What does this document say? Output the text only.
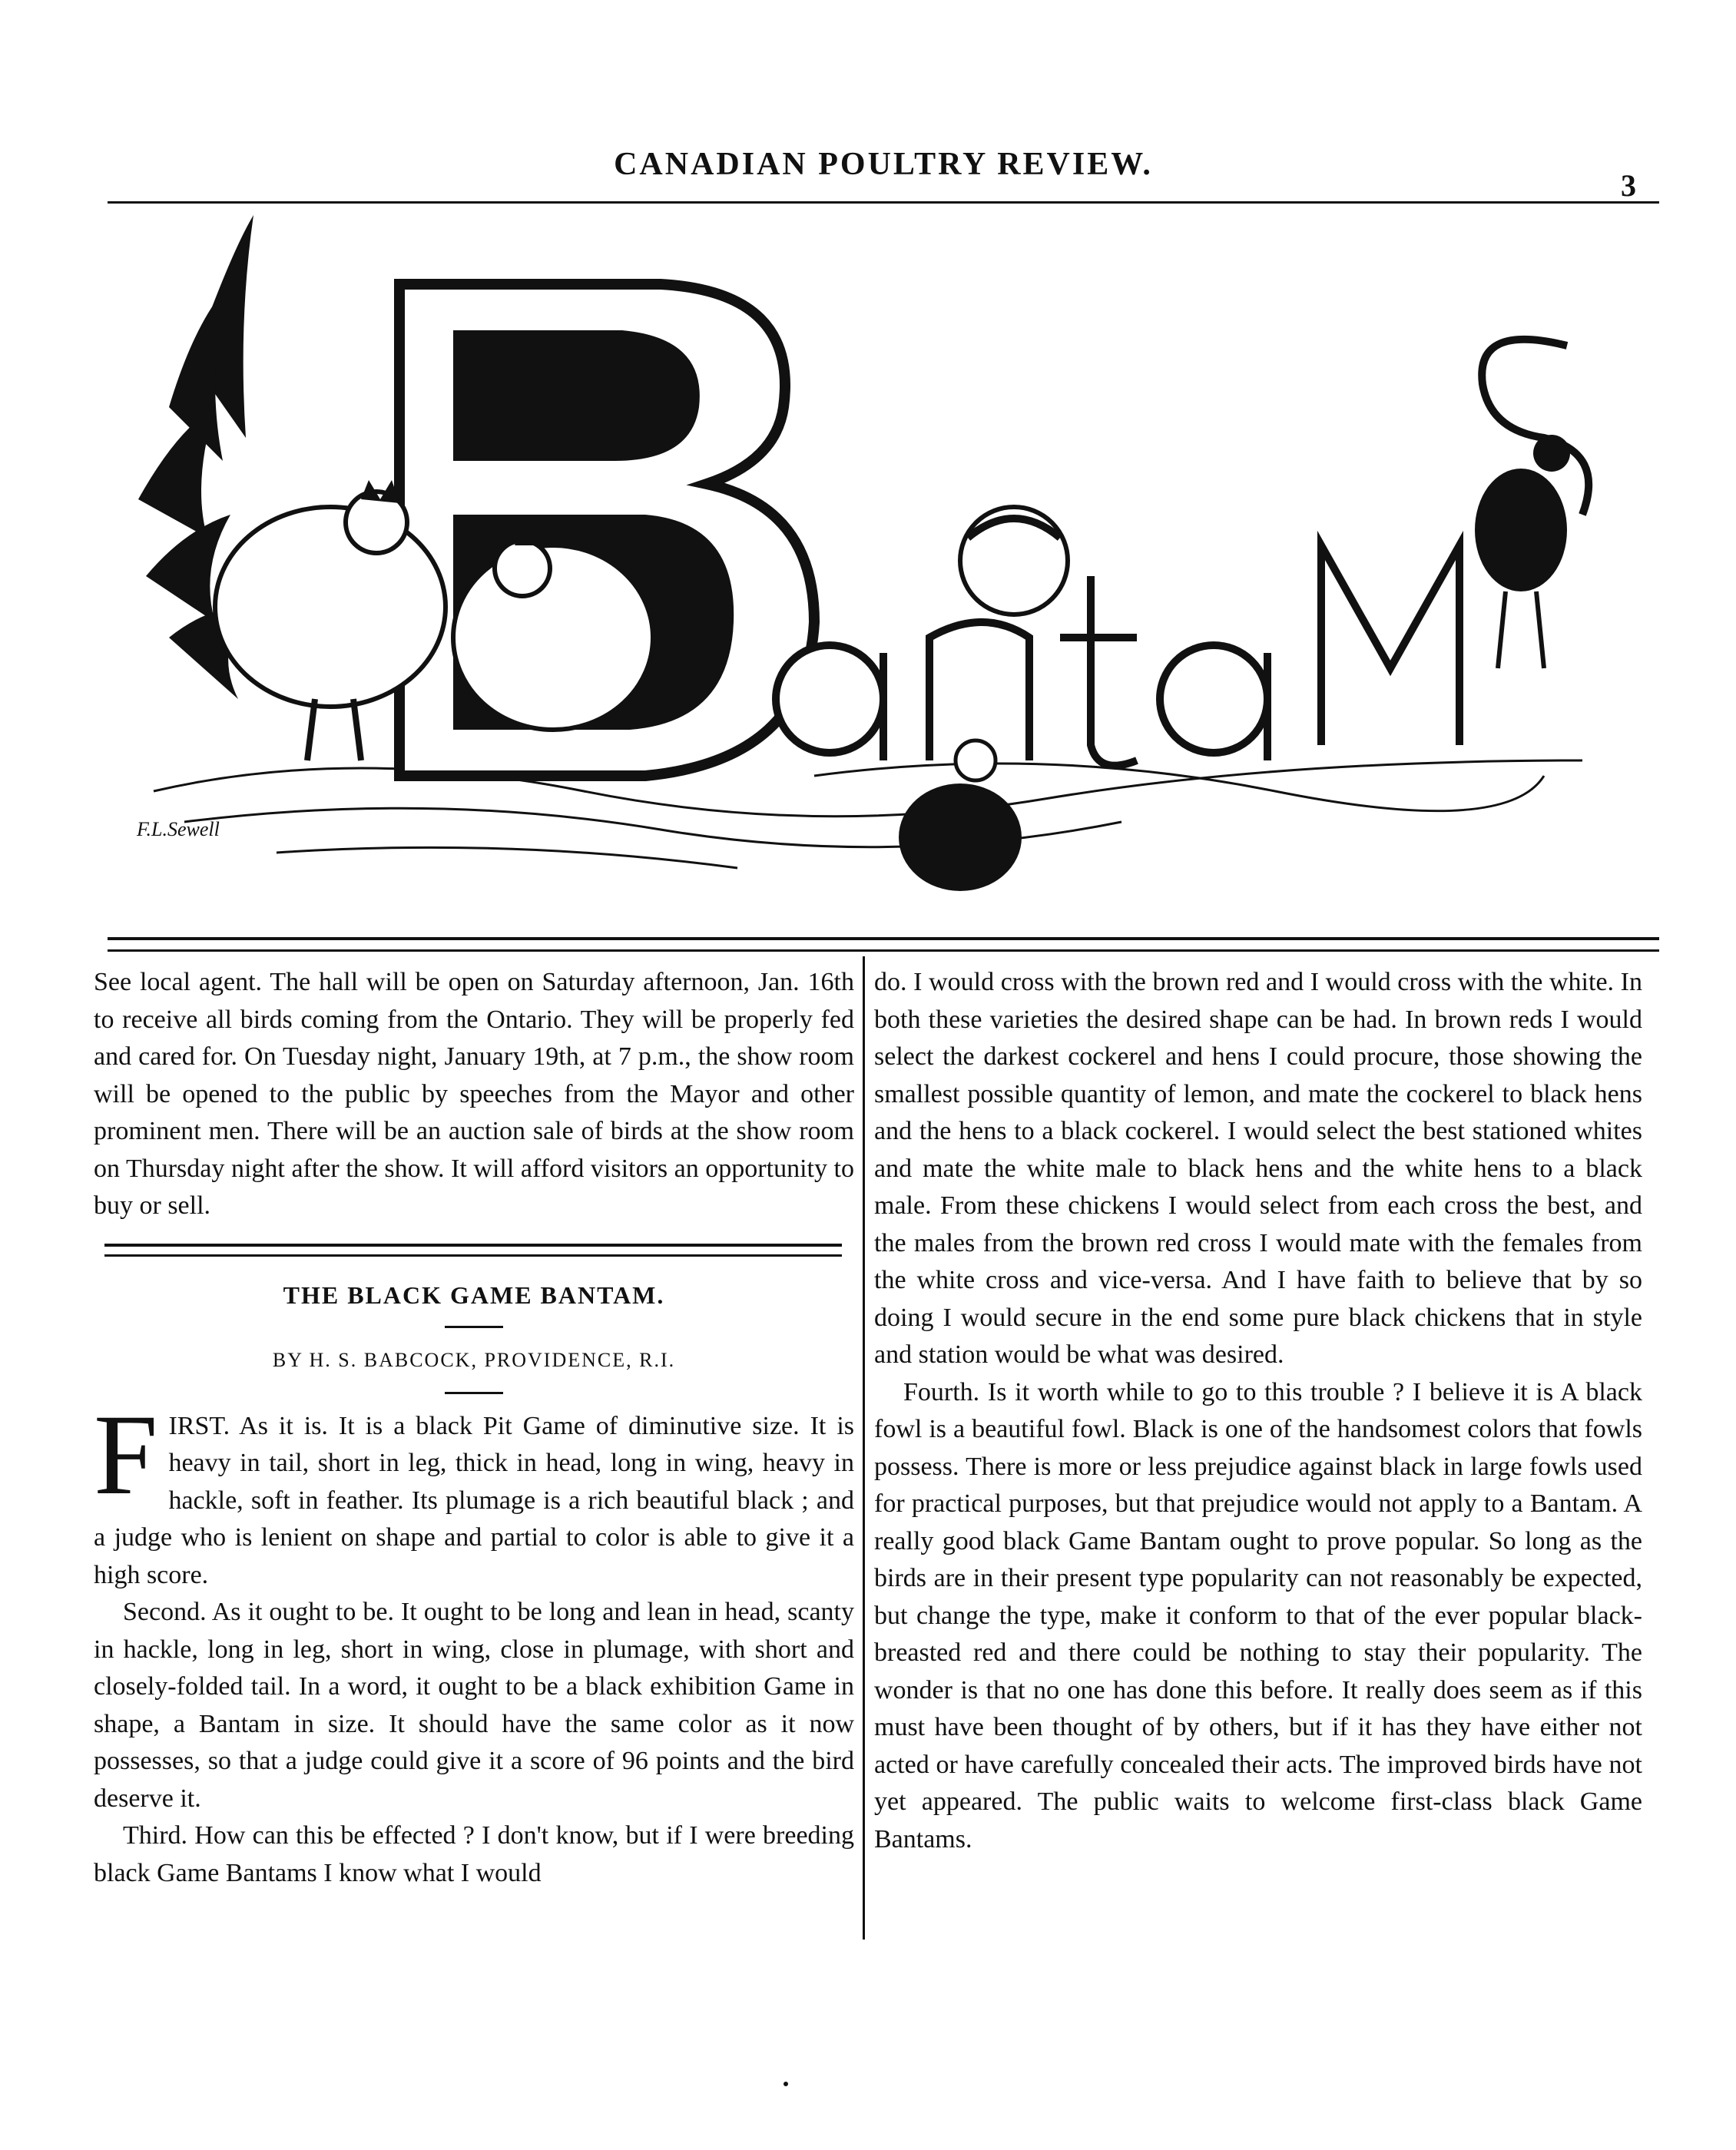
CANADIAN POULTRY REVIEW.
3
F.L.Sewell

See local agent. The hall will be open on Saturday afternoon, Jan. 16th to receive all birds coming from the Ontario. They will be properly fed and cared for. On Tuesday night, January 19th, at 7 p.m., the show room will be opened to the public by speeches from the Mayor and other prominent men. There will be an auction sale of birds at the show room on Thursday night after the show. It will afford visitors an opportunity to buy or sell.

THE BLACK GAME BANTAM.

BY H. S. BABCOCK, PROVIDENCE, R.I.

F IRST. As it is. It is a black Pit Game of diminutive size. It is heavy in tail, short in leg, thick in head, long in wing, heavy in hackle, soft in feather. Its plumage is a rich beautiful black ; and a judge who is lenient on shape and partial to color is able to give it a high score.

Second. As it ought to be. It ought to be long and lean in head, scanty in hackle, long in leg, short in wing, close in plumage, with short and closely-folded tail. In a word, it ought to be a black exhibition Game in shape, a Bantam in size. It should have the same color as it now possesses, so that a judge could give it a score of 96 points and the bird deserve it.

Third. How can this be effected ? I don't know, but if I were breeding black Game Bantams I know what I would

do. I would cross with the brown red and I would cross with the white. In both these varieties the desired shape can be had. In brown reds I would select the darkest cockerel and hens I could procure, those showing the smallest possible quantity of lemon, and mate the cockerel to black hens and the hens to a black cockerel. I would select the best stationed whites and mate the white male to black hens and the white hens to a black male. From these chickens I would select from each cross the best, and the males from the brown red cross I would mate with the females from the white cross and vice-versa. And I have faith to believe that by so doing I would secure in the end some pure black chickens that in style and station would be what was desired.

Fourth. Is it worth while to go to this trouble ? I believe it is A black fowl is a beautiful fowl. Black is one of the handsomest colors that fowls possess. There is more or less prejudice against black in large fowls used for practical purposes, but that prejudice would not apply to a Bantam. A really good black Game Bantam ought to prove popular. So long as the birds are in their present type popularity can not reasonably be expected, but change the type, make it conform to that of the ever popular black-breasted red and there could be nothing to stay their popularity. The wonder is that no one has done this before. It really does seem as if this must have been thought of by others, but if it has they have either not acted or have carefully concealed their acts. The improved birds have not yet appeared. The public waits to welcome first-class black Game Bantams.
